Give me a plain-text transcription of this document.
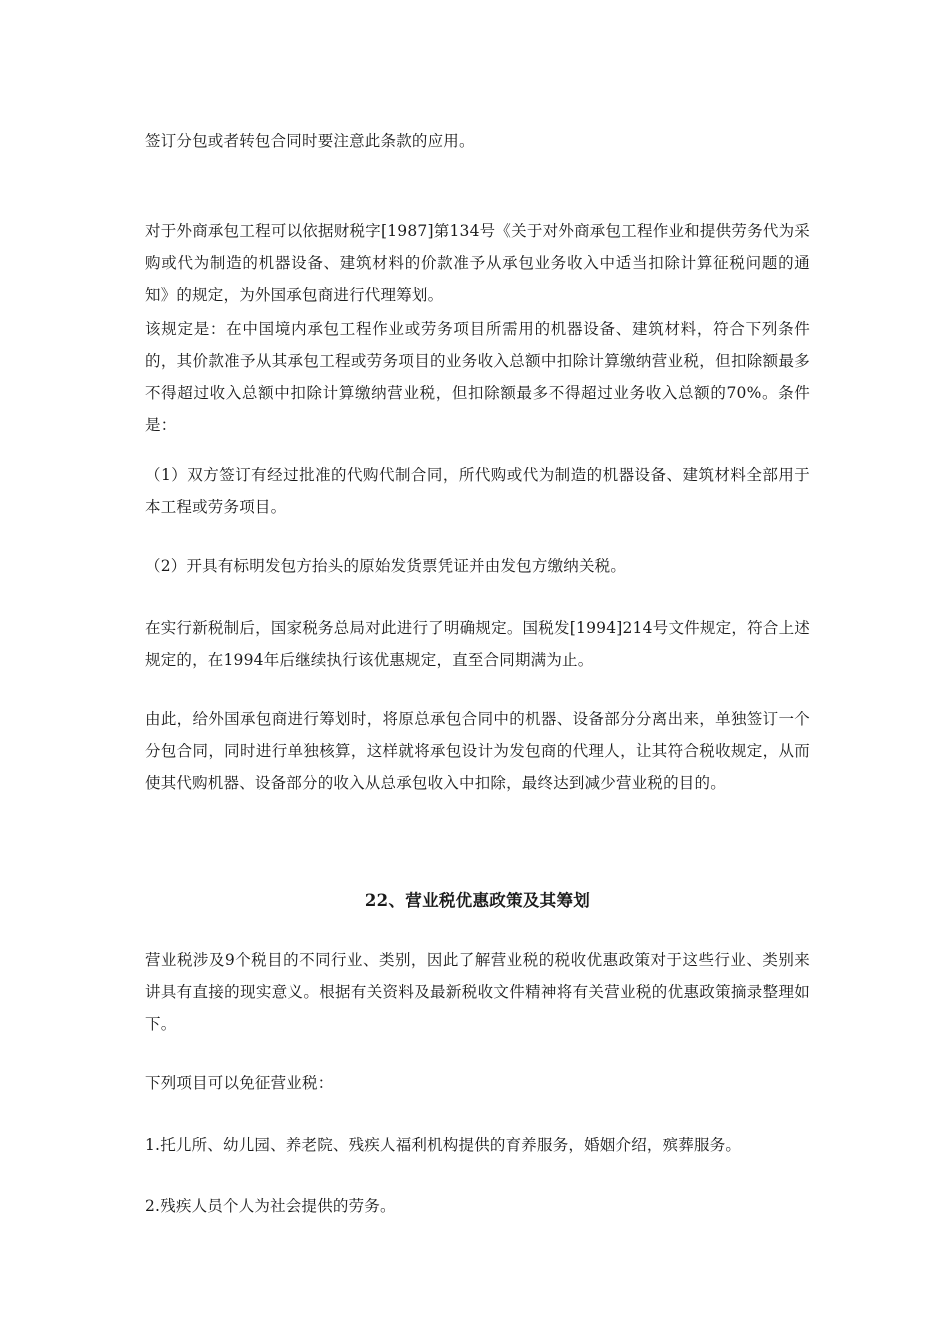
签订分包或者转包合同时要注意此条款的应用。

对于外商承包工程可以依据财税字[1987]第134号《关于对外商承包工程作业和提供劳务代为采购或代为制造的机器设备、建筑材料的价款准予从承包业务收入中适当扣除计算征税问题的通知》的规定，为外国承包商进行代理筹划。

该规定是：在中国境内承包工程作业或劳务项目所需用的机器设备、建筑材料，符合下列条件的，其价款准予从其承包工程或劳务项目的业务收入总额中扣除计算缴纳营业税，但扣除额最多不得超过收入总额中扣除计算缴纳营业税，但扣除额最多不得超过业务收入总额的70%。条件是：

（1）双方签订有经过批准的代购代制合同，所代购或代为制造的机器设备、建筑材料全部用于本工程或劳务项目。

（2）开具有标明发包方抬头的原始发货票凭证并由发包方缴纳关税。

在实行新税制后，国家税务总局对此进行了明确规定。国税发[1994]214号文件规定，符合上述规定的，在1994年后继续执行该优惠规定，直至合同期满为止。

由此，给外国承包商进行筹划时，将原总承包合同中的机器、设备部分分离出来，单独签订一个分包合同，同时进行单独核算，这样就将承包设计为发包商的代理人，让其符合税收规定，从而使其代购机器、设备部分的收入从总承包收入中扣除，最终达到减少营业税的目的。

22、营业税优惠政策及其筹划

营业税涉及9个税目的不同行业、类别，因此了解营业税的税收优惠政策对于这些行业、类别来讲具有直接的现实意义。根据有关资料及最新税收文件精神将有关营业税的优惠政策摘录整理如下。

下列项目可以免征营业税：

1.托儿所、幼儿园、养老院、残疾人福利机构提供的育养服务，婚姻介绍，殡葬服务。

2.残疾人员个人为社会提供的劳务。
